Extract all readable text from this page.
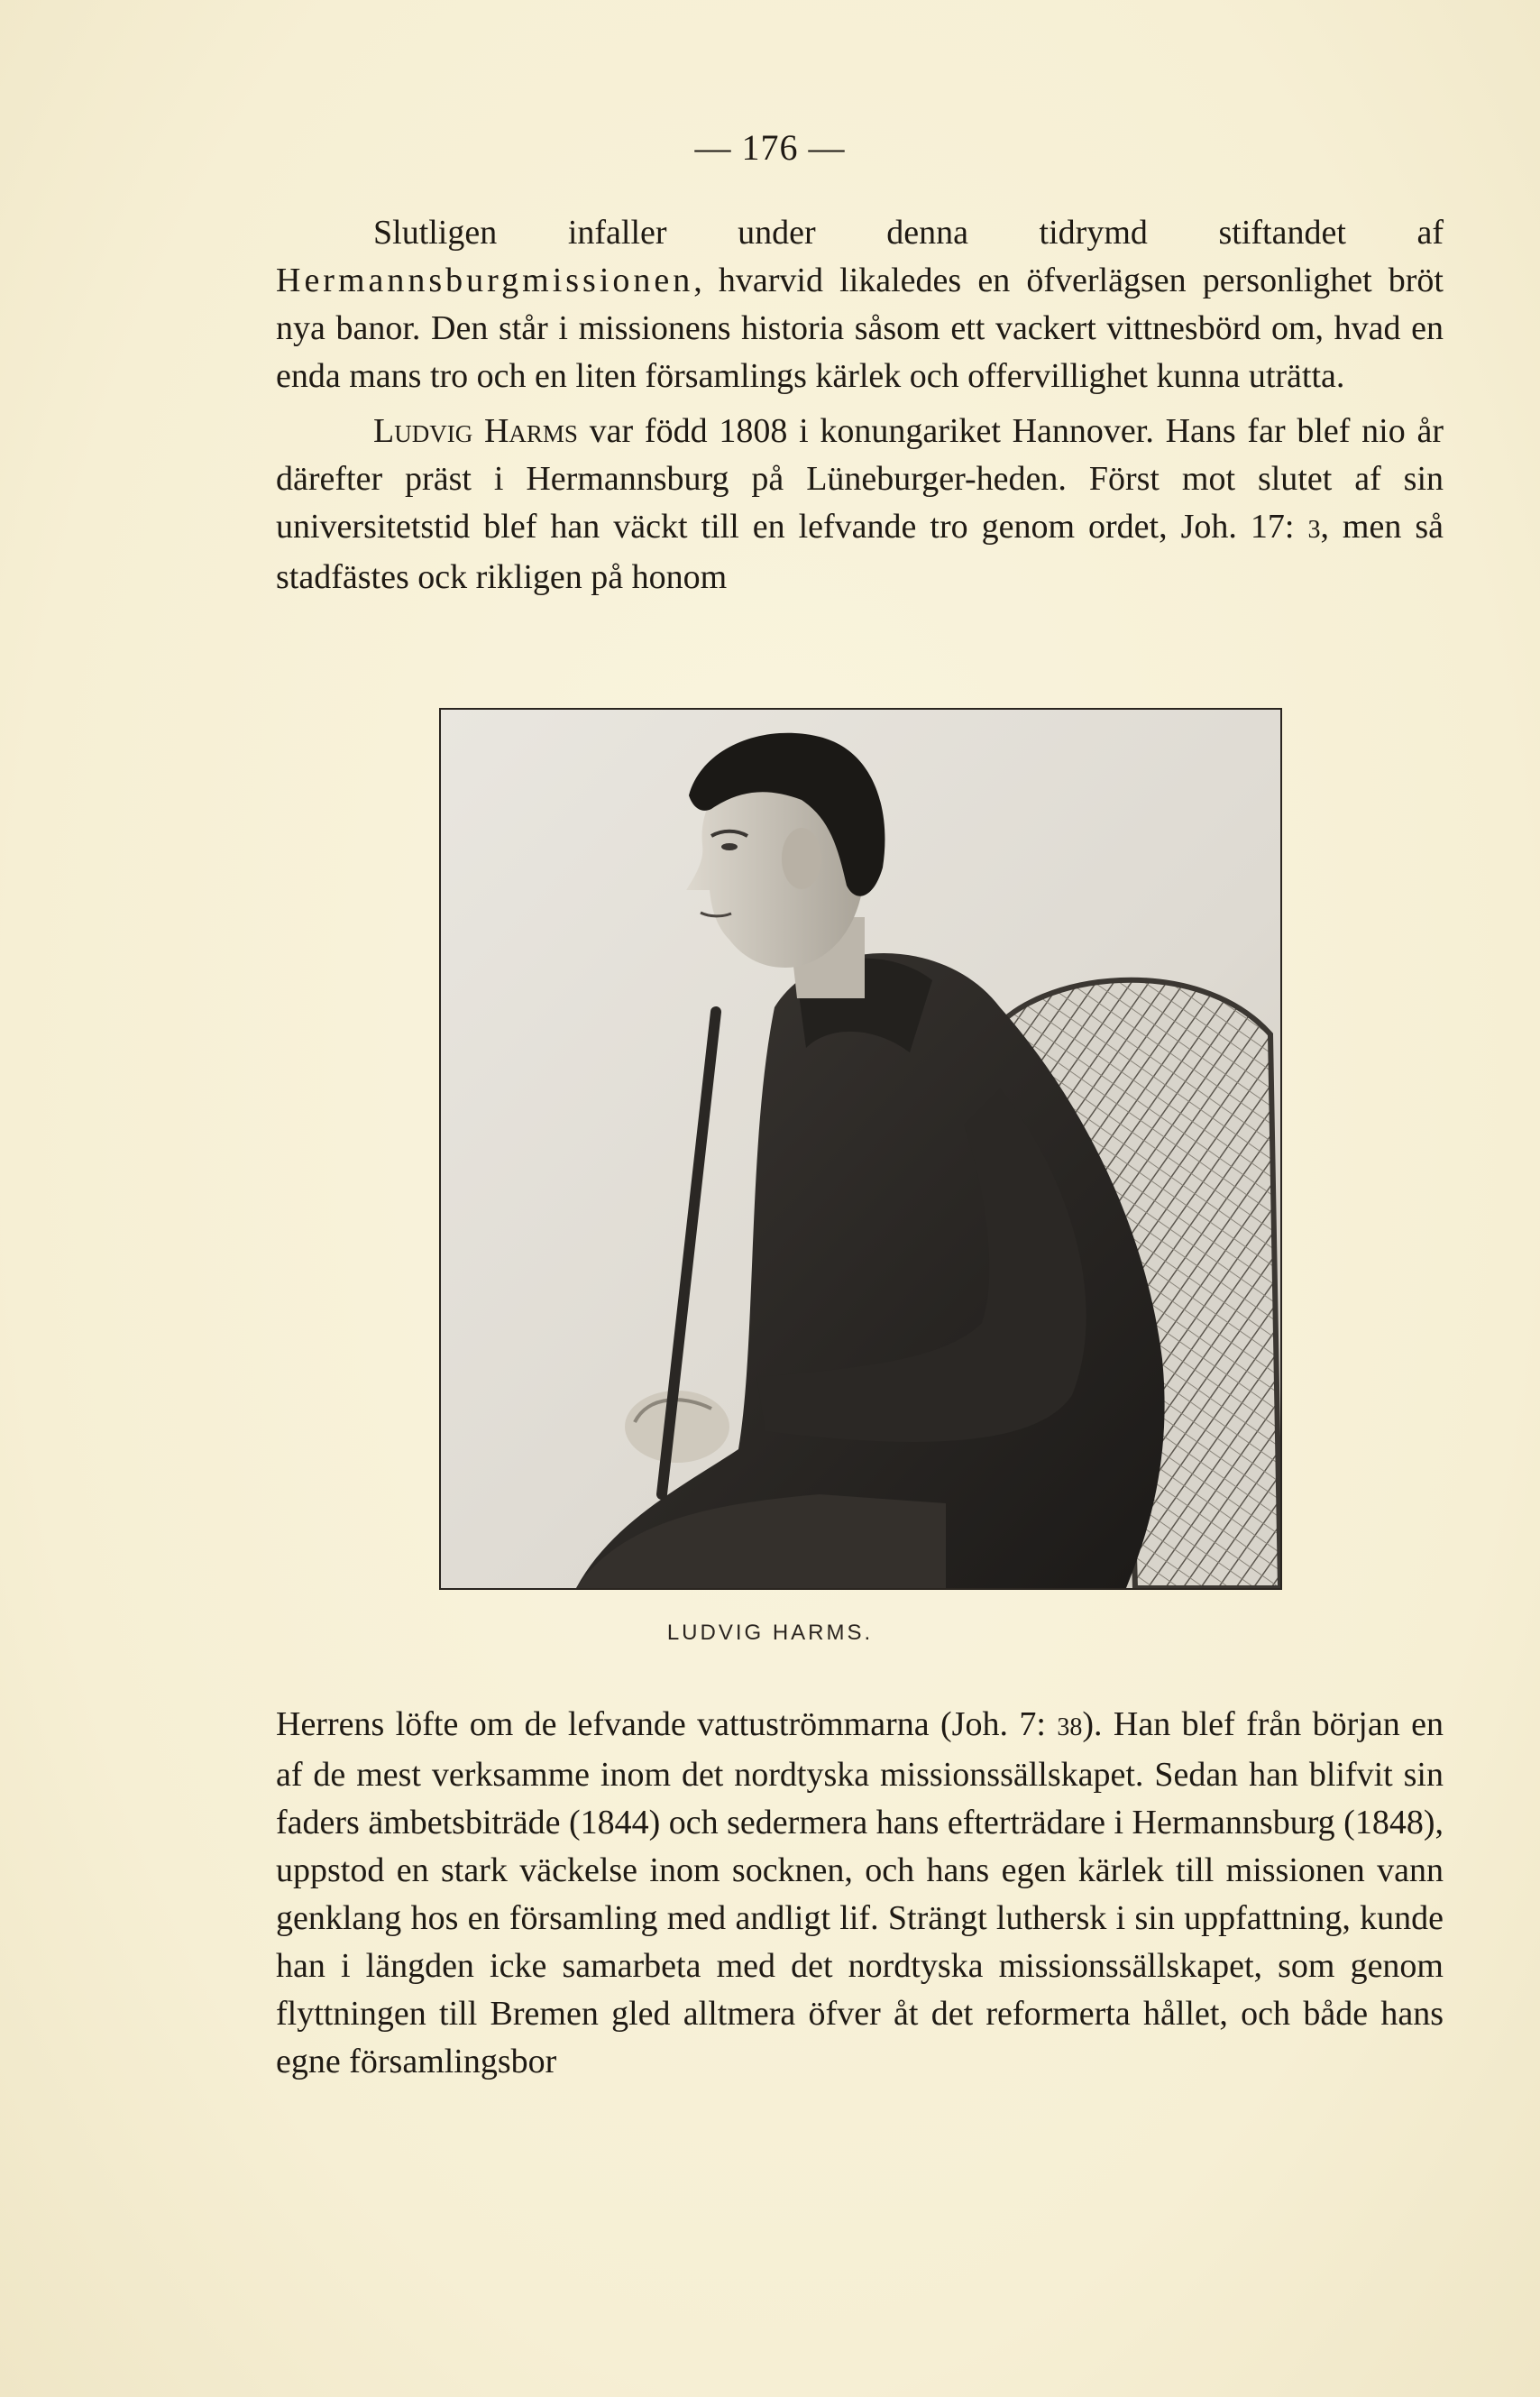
— 176 —

Slutligen infaller under denna tidrymd stiftandet af Hermannsburgmissionen, hvarvid likaledes en öfverlägsen personlighet bröt nya banor. Den står i missionens historia såsom ett vackert vittnesbörd om, hvad en enda mans tro och en liten församlings kärlek och offervillighet kunna uträtta.

Ludvig Harms var född 1808 i konungariket Hannover. Hans far blef nio år därefter präst i Hermannsburg på Lüneburger-heden. Först mot slutet af sin universitetstid blef han väckt till en lefvande tro genom ordet, Joh. 17: 3, men så stadfästes ock rikligen på honom

LUDVIG HARMS.

Herrens löfte om de lefvande vattuströmmarna (Joh. 7: 38). Han blef från början en af de mest verksamme inom det nordtyska missionssällskapet. Sedan han blifvit sin faders ämbetsbiträde (1844) och sedermera hans efterträdare i Hermannsburg (1848), uppstod en stark väckelse inom socknen, och hans egen kärlek till missionen vann genklang hos en församling med andligt lif. Strängt luthersk i sin uppfattning, kunde han i längden icke samarbeta med det nordtyska missionssällskapet, som genom flyttningen till Bremen gled alltmera öfver åt det reformerta hållet, och både hans egne församlingsbor
